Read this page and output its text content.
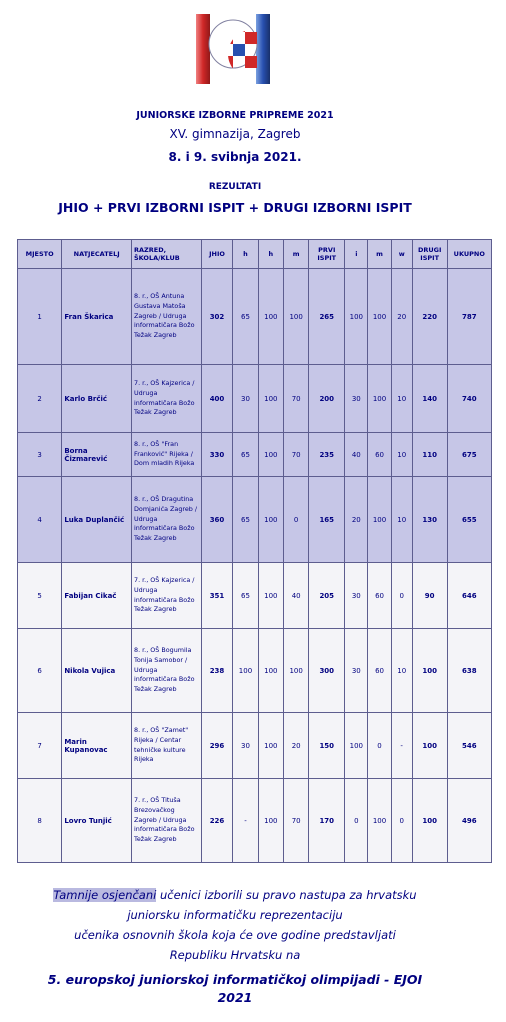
JUNIORSKE IZBORNE PRIPREME 2021
XV. gimnazija, Zagreb
8. i 9. svibnja 2021.
REZULTATI
JHIO + PRVI IZBORNI ISPIT + DRUGI IZBORNI ISPIT
MJESTO	NATJECATELJ	RAZRED, ŠKOLA/KLUB	JHIO	h	h	m	PRVI ISPIT	i	m	w	DRUGI ISPIT	UKUPNO
1	Fran Škarica	8. r., OŠ Antuna Gustava Matoša Zagreb / Udruga informatičara Božo Težak Zagreb	302	65	100	100	265	100	100	20	220	787
2	Karlo Brčić	7. r., OŠ Kajzerica / Udruga informatičara Božo Težak Zagreb	400	30	100	70	200	30	100	10	140	740
3	Borna Čizmarević	8. r., OŠ "Fran Franković" Rijeka / Dom mladih Rijeka	330	65	100	70	235	40	60	10	110	675
4	Luka Duplančić	8. r., OŠ Dragutina Domjanića Zagreb / Udruga informatičara Božo Težak Zagreb	360	65	100	0	165	20	100	10	130	655
5	Fabijan Cikač	7. r., OŠ Kajzerica / Udruga informatičara Božo Težak Zagreb	351	65	100	40	205	30	60	0	90	646
6	Nikola Vujica	8. r., OŠ Bogumila Tonija Samobor / Udruga informatičara Božo Težak Zagreb	238	100	100	100	300	30	60	10	100	638
7	Marin Kupanovac	8. r., OŠ "Zamet" Rijeka / Centar tehničke kulture Rijeka	296	30	100	20	150	100	0	-	100	546
8	Lovro Tunjić	7. r., OŠ Tituša Brezovačkog Zagreb / Udruga informatičara Božo Težak Zagreb	226	-	100	70	170	0	100	0	100	496
Tamnije osjenčani učenici izborili su pravo nastupa za hrvatsku
juniorsku informatičku reprezentaciju
učenika osnovnih škola koja će ove godine predstavljati
Republiku Hrvatsku na
5. europskoj juniorskoj informatičkoj olimpijadi - EJOI
2021
